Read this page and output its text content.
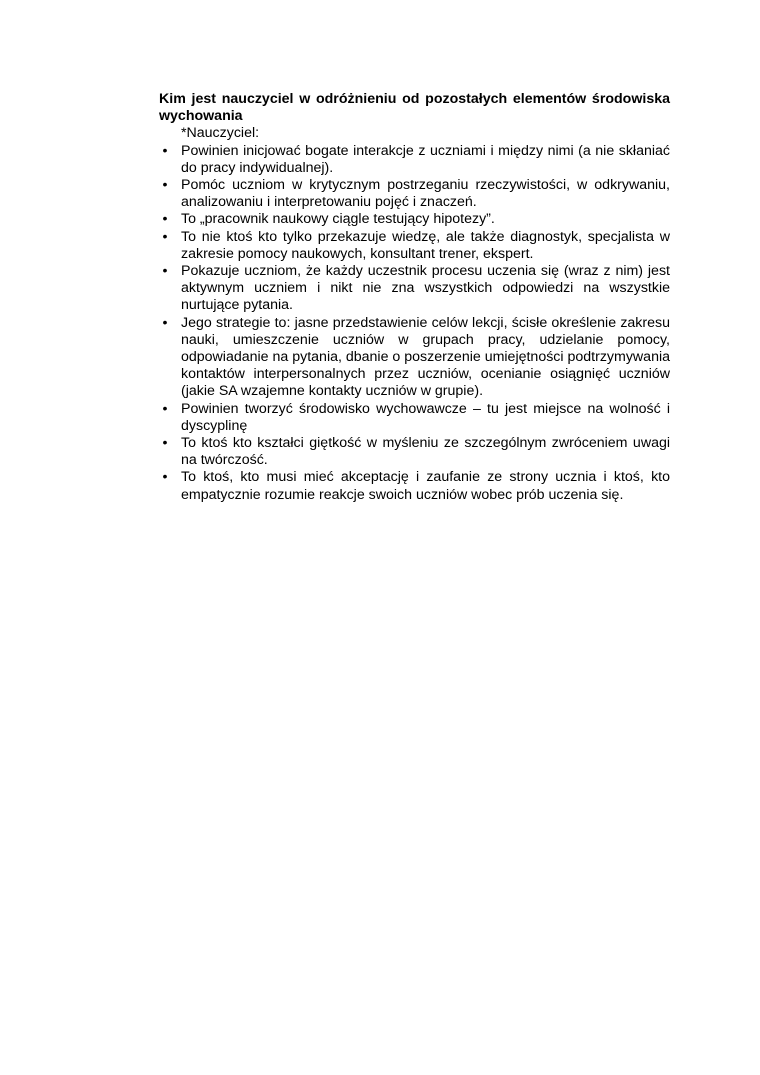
Kim jest nauczyciel w odróżnieniu od pozostałych elementów środowiska wychowania

*Nauczyciel:

• Powinien inicjować bogate interakcje z uczniami i między nimi (a nie skłaniać do pracy indywidualnej).
• Pomóc uczniom w krytycznym postrzeganiu rzeczywistości, w odkrywaniu, analizowaniu i interpretowaniu pojęć i znaczeń.
• To „pracownik naukowy ciągle testujący hipotezy”.
• To nie ktoś kto tylko przekazuje wiedzę, ale także diagnostyk, specjalista w zakresie pomocy naukowych, konsultant trener, ekspert.
• Pokazuje uczniom, że każdy uczestnik procesu uczenia się (wraz z nim) jest aktywnym uczniem i nikt nie zna wszystkich odpowiedzi na wszystkie nurtujące pytania.
• Jego strategie to: jasne przedstawienie celów lekcji, ścisłe określenie zakresu nauki, umieszczenie uczniów w grupach pracy, udzielanie pomocy, odpowiadanie na pytania, dbanie o poszerzenie umiejętności podtrzymywania kontaktów interpersonalnych przez uczniów, ocenianie osiągnięć uczniów (jakie SA wzajemne kontakty uczniów w grupie).
• Powinien tworzyć środowisko wychowawcze – tu jest miejsce na wolność i dyscyplinę
• To ktoś kto kształci giętkość w myśleniu ze szczególnym zwróceniem uwagi na twórczość.
• To ktoś, kto musi mieć akceptację i zaufanie ze strony ucznia i ktoś, kto empatycznie rozumie reakcje swoich uczniów wobec prób uczenia się.
